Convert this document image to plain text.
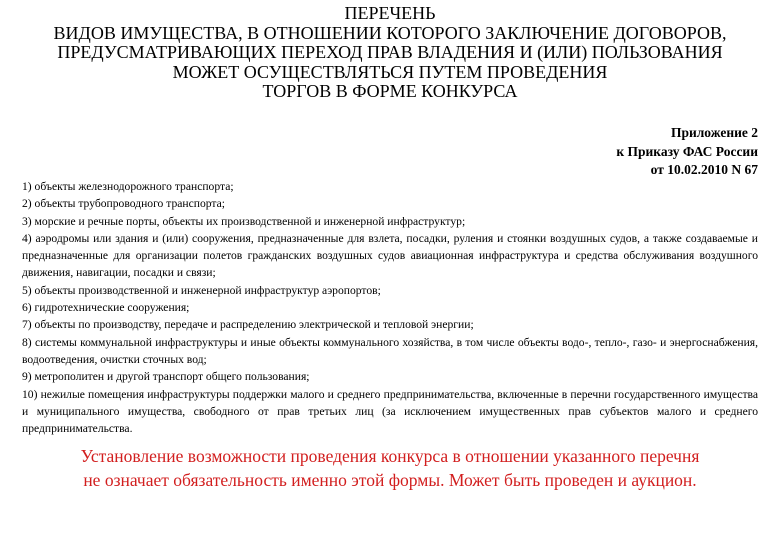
ПЕРЕЧЕНЬ
ВИДОВ ИМУЩЕСТВА, В ОТНОШЕНИИ КОТОРОГО ЗАКЛЮЧЕНИЕ ДОГОВОРОВ,
ПРЕДУСМАТРИВАЮЩИХ ПЕРЕХОД ПРАВ ВЛАДЕНИЯ И (ИЛИ) ПОЛЬЗОВАНИЯ
МОЖЕТ ОСУЩЕСТВЛЯТЬСЯ ПУТЕМ ПРОВЕДЕНИЯ
ТОРГОВ В ФОРМЕ КОНКУРСА
Приложение 2
к Приказу ФАС России
от 10.02.2010 N 67

1) объекты железнодорожного транспорта;

2) объекты трубопроводного транспорта;

3) морские и речные порты, объекты их производственной и инженерной инфраструктур;

4) аэродромы или здания и (или) сооружения, предназначенные для взлета, посадки, руления и стоянки воздушных судов, а также создаваемые и предназначенные для организации полетов гражданских воздушных судов авиационная инфраструктура и средства обслуживания воздушного движения, навигации, посадки и связи;

5) объекты производственной и инженерной инфраструктур аэропортов;

6) гидротехнические сооружения;

7) объекты по производству, передаче и распределению электрической и тепловой энергии;

8) системы коммунальной инфраструктуры и иные объекты коммунального хозяйства, в том числе объекты водо-, тепло-, газо- и энергоснабжения, водоотведения, очистки сточных вод;

9) метрополитен и другой транспорт общего пользования;

10) нежилые помещения инфраструктуры поддержки малого и среднего предпринимательства, включенные в перечни государственного имущества и муниципального имущества, свободного от прав третьих лиц (за исключением имущественных прав субъектов малого и среднего предпринимательства.

Установление возможности проведения конкурса в отношении указанного перечня
не означает обязательность именно этой формы. Может быть проведен и аукцион.
